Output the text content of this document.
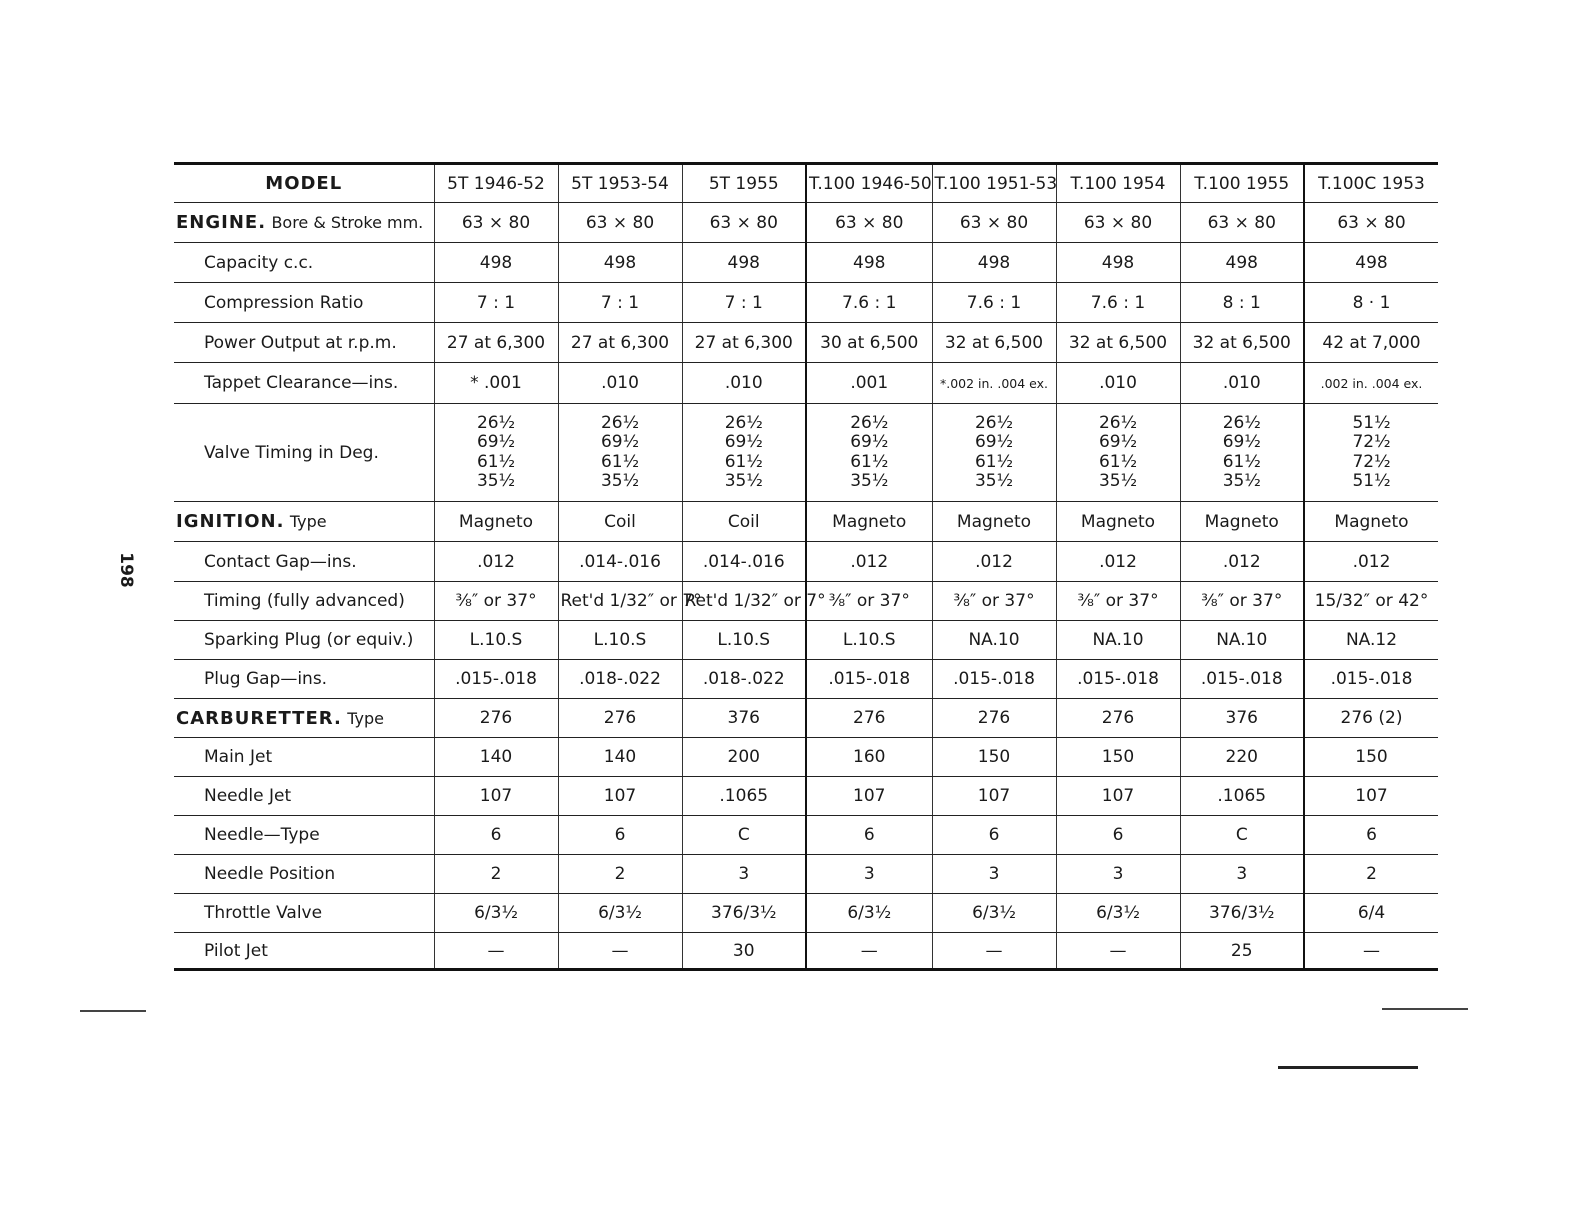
198
MODEL	5T 1946-52	5T 1953-54	5T 1955	T.100 1946-50	T.100 1951-53	T.100 1954	T.100 1955	T.100C 1953
ENGINE. Bore & Stroke mm.	63 × 80	63 × 80	63 × 80	63 × 80	63 × 80	63 × 80	63 × 80	63 × 80
Capacity c.c.	498	498	498	498	498	498	498	498
Compression Ratio	7 : 1	7 : 1	7 : 1	7.6 : 1	7.6 : 1	7.6 : 1	8 : 1	8 · 1
Power Output at r.p.m.	27 at 6,300	27 at 6,300	27 at 6,300	30 at 6,500	32 at 6,500	32 at 6,500	32 at 6,500	42 at 7,000
Tappet Clearance—ins.	* .001	.010	.010	.001	*.002 in. .004 ex.	.010	.010	.002 in. .004 ex.
Valve Timing in Deg.	26½
69½
61½
35½	26½
69½
61½
35½	26½
69½
61½
35½	26½
69½
61½
35½	26½
69½
61½
35½	26½
69½
61½
35½	26½
69½
61½
35½	51½
72½
72½
51½

IGNITION. Type	Magneto	Coil	Coil	Magneto	Magneto	Magneto	Magneto	Magneto
Contact Gap—ins.	.012	.014-.016	.014-.016	.012	.012	.012	.012	.012
Timing (fully advanced)	⅜″ or 37°	Ret'd 1/32″ or 7°	Ret'd 1/32″ or 7°	⅜″ or 37°	⅜″ or 37°	⅜″ or 37°	⅜″ or 37°	15/32″ or 42°
Sparking Plug (or equiv.)	L.10.S	L.10.S	L.10.S	L.10.S	NA.10	NA.10	NA.10	NA.12
Plug Gap—ins.	.015-.018	.018-.022	.018-.022	.015-.018	.015-.018	.015-.018	.015-.018	.015-.018
CARBURETTER. Type	276	276	376	276	276	276	376	276 (2)
Main Jet	140	140	200	160	150	150	220	150
Needle Jet	107	107	.1065	107	107	107	.1065	107
Needle—Type	6	6	C	6	6	6	C	6
Needle Position	2	2	3	3	3	3	3	2
Throttle Valve	6/3½	6/3½	376/3½	6/3½	6/3½	6/3½	376/3½	6/4
Pilot Jet	—	—	30	—	—	—	25	—
